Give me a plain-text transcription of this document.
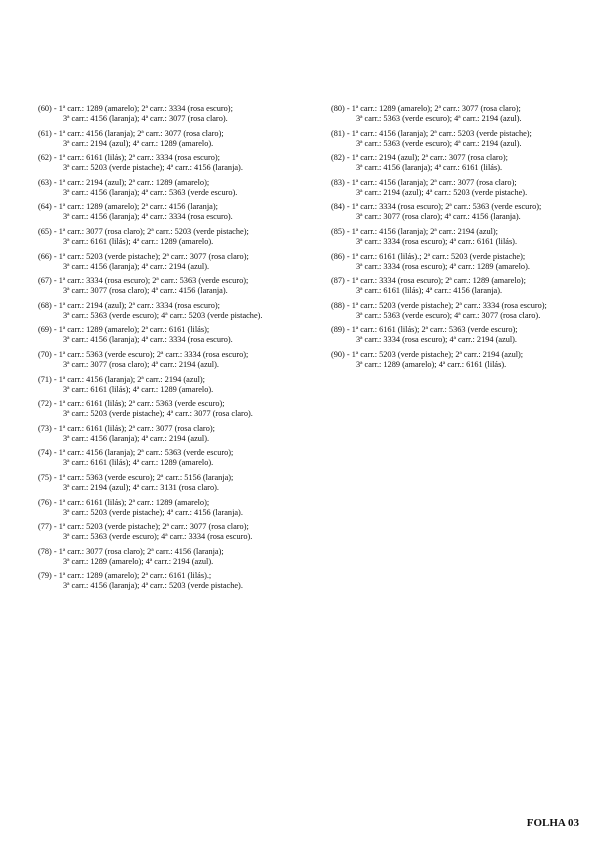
(60) - 1ª carr.: 1289 (amarelo); 2ª carr.: 3334 (rosa escuro);
3ª carr.: 4156 (laranja); 4ª carr.: 3077 (rosa claro).
(61) - 1ª carr.: 4156 (laranja); 2ª carr.: 3077 (rosa claro);
3ª carr.: 2194 (azul); 4ª carr.: 1289 (amarelo).
(62) - 1ª carr.: 6161 (lilás); 2ª carr.: 3334 (rosa escuro);
3ª carr.: 5203 (verde pistache); 4ª carr.: 4156 (laranja).
(63) - 1ª carr.: 2194 (azul); 2ª carr.: 1289 (amarelo);
3ª carr.: 4156 (laranja); 4ª carr.: 5363 (verde escuro).
(64) - 1ª carr.: 1289 (amarelo); 2ª carr.: 4156 (laranja);
3ª carr.: 4156 (laranja); 4ª carr.: 3334 (rosa escuro).
(65) - 1ª carr.: 3077 (rosa claro); 2ª carr.: 5203 (verde pistache);
3ª carr.: 6161 (lilás); 4ª carr.: 1289 (amarelo).
(66) - 1ª carr.: 5203 (verde pistache); 2ª carr.: 3077 (rosa claro);
3ª carr.: 4156 (laranja); 4ª carr.: 2194 (azul).
(67) - 1ª carr.: 3334 (rosa escuro); 2ª carr.: 5363 (verde escuro);
3ª carr.: 3077 (rosa claro); 4ª carr.: 4156 (laranja).
(68) - 1ª carr.: 2194 (azul); 2ª carr.: 3334 (rosa escuro);
3ª carr.: 5363 (verde escuro); 4ª carr.: 5203 (verde pistache).
(69) - 1ª carr.: 1289 (amarelo); 2ª carr.: 6161 (lilás);
3ª carr.: 4156 (laranja); 4ª carr.: 3334 (rosa escuro).
(70) - 1ª carr.: 5363 (verde escuro); 2ª carr.: 3334 (rosa escuro);
3ª carr.: 3077 (rosa claro); 4ª carr.: 2194 (azul).
(71) - 1ª carr.: 4156 (laranja); 2ª carr.: 2194 (azul);
3ª carr.: 6161 (lilás); 4ª carr.: 1289 (amarelo).
(72) - 1ª carr.: 6161 (lilás); 2ª carr.: 5363 (verde escuro);
3ª carr.: 5203 (verde pistache); 4ª carr.: 3077 (rosa claro).
(73) - 1ª carr.: 6161 (lilás); 2ª carr.: 3077 (rosa claro);
3ª carr.: 4156 (laranja); 4ª carr.: 2194 (azul).
(74) - 1ª carr.: 4156 (laranja); 2ª carr.: 5363 (verde escuro);
3ª carr.: 6161 (lilás); 4ª carr.: 1289 (amarelo).
(75) - 1ª carr.: 5363 (verde escuro); 2ª carr.: 5156 (laranja);
3ª carr.: 2194 (azul); 4ª carr.: 3131 (rosa claro).
(76) - 1ª carr.: 6161 (lilás); 2ª carr.: 1289 (amarelo);
3ª carr.: 5203 (verde pistache); 4ª carr.: 4156 (laranja).
(77) - 1ª carr.: 5203 (verde pistache); 2ª carr.: 3077 (rosa claro);
3ª carr.: 5363 (verde escuro); 4ª carr.: 3334 (rosa escuro).
(78) - 1ª carr.: 3077 (rosa claro); 2ª carr.: 4156 (laranja);
3ª carr.: 1289 (amarelo); 4ª carr.: 2194 (azul).
(79) - 1ª carr.: 1289 (amarelo); 2ª carr.: 6161 (lilás).;
3ª carr.: 4156 (laranja); 4ª carr.: 5203 (verde pistache).
(80) - 1ª carr.: 1289 (amarelo); 2ª carr.: 3077 (rosa claro);
3ª carr.: 5363 (verde escuro); 4ª carr.: 2194 (azul).
(81) - 1ª carr.: 4156 (laranja); 2ª carr.: 5203 (verde pistache);
3ª carr.: 5363 (verde escuro); 4ª carr.: 2194 (azul).
(82) - 1ª carr.: 2194 (azul); 2ª carr.: 3077 (rosa claro);
3ª carr.: 4156 (laranja); 4ª carr.: 6161 (lilás).
(83) - 1ª carr.: 4156 (laranja); 2ª carr.: 3077 (rosa claro);
3ª carr.: 2194 (azul); 4ª carr.: 5203 (verde pistache).
(84) - 1ª carr.: 3334 (rosa escuro); 2ª carr.: 5363 (verde escuro);
3ª carr.: 3077 (rosa claro); 4ª carr.: 4156 (laranja).
(85) - 1ª carr.: 4156 (laranja); 2ª carr.: 2194 (azul);
3ª carr.: 3334 (rosa escuro); 4ª carr.: 6161 (lilás).
(86) - 1ª carr.: 6161 (lilás).; 2ª carr.: 5203 (verde pistache);
3ª carr.: 3334 (rosa escuro); 4ª carr.: 1289 (amarelo).
(87) - 1ª carr.: 3334 (rosa escuro); 2ª carr.: 1289 (amarelo);
3ª carr.: 6161 (lilás); 4ª carr.: 4156 (laranja).
(88) - 1ª carr.: 5203 (verde pistache); 2ª carr.: 3334 (rosa escuro);
3ª carr.: 5363 (verde escuro); 4ª carr.: 3077 (rosa claro).
(89) - 1ª carr.: 6161 (lilás); 2ª carr.: 5363 (verde escuro);
3ª carr.: 3334 (rosa escuro); 4ª carr.: 2194 (azul).
(90) - 1ª carr.: 5203 (verde pistache); 2ª carr.: 2194 (azul);
3ª carr.: 1289 (amarelo); 4ª carr.: 6161 (lilás).
FOLHA 03
